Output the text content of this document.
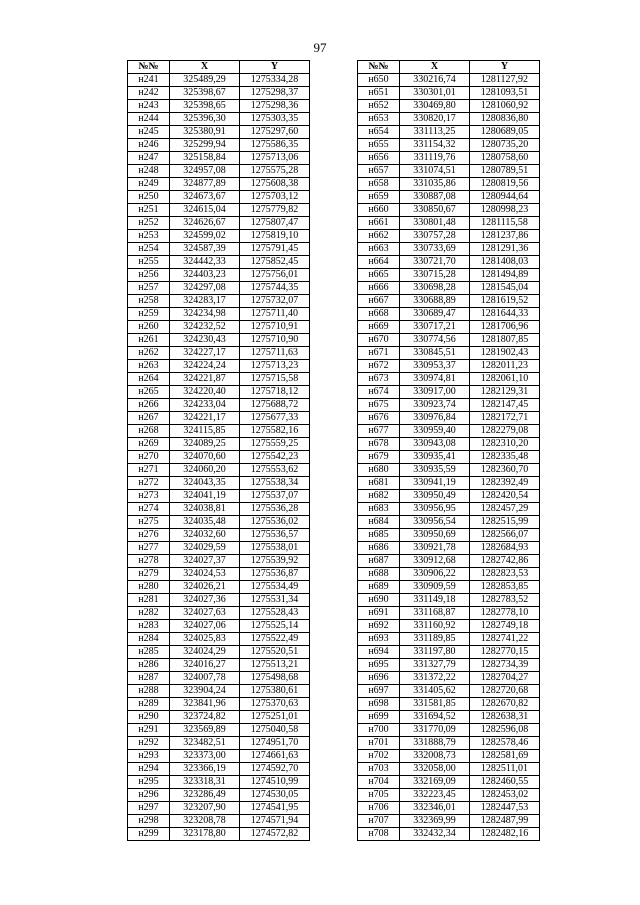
97
№№	X	Y
н241	325489,29	1275334,28
н242	325398,67	1275298,37
н243	325398,65	1275298,36
н244	325396,30	1275303,35
н245	325380,91	1275297,60
н246	325299,94	1275586,35
н247	325158,84	1275713,06
н248	324957,08	1275575,28
н249	324877,89	1275608,38
н250	324673,67	1275703,12
н251	324615,04	1275779,82
н252	324626,67	1275807,47
н253	324599,02	1275819,10
н254	324587,39	1275791,45
н255	324442,33	1275852,45
н256	324403,23	1275756,01
н257	324297,08	1275744,35
н258	324283,17	1275732,07
н259	324234,98	1275711,40
н260	324232,52	1275710,91
н261	324230,43	1275710,90
н262	324227,17	1275711,63
н263	324224,24	1275713,23
н264	324221,87	1275715,58
н265	324220,40	1275718,12
н266	324233,04	1275688,72
н267	324221,17	1275677,33
н268	324115,85	1275582,16
н269	324089,25	1275559,25
н270	324070,60	1275542,23
н271	324060,20	1275553,62
н272	324043,35	1275538,34
н273	324041,19	1275537,07
н274	324038,81	1275536,28
н275	324035,48	1275536,02
н276	324032,60	1275536,57
н277	324029,59	1275538,01
н278	324027,37	1275539,92
н279	324024,53	1275536,87
н280	324026,21	1275534,49
н281	324027,36	1275531,34
н282	324027,63	1275528,43
н283	324027,06	1275525,14
н284	324025,83	1275522,49
н285	324024,29	1275520,51
н286	324016,27	1275513,21
н287	324007,78	1275498,68
н288	323904,24	1275380,61
н289	323841,96	1275370,63
н290	323724,82	1275251,01
н291	323569,89	1275040,58
н292	323482,51	1274951,70
н293	323373,00	1274661,63
н294	323366,19	1274592,70
н295	323318,31	1274510,99
н296	323286,49	1274530,05
н297	323207,90	1274541,95
н298	323208,78	1274571,94
н299	323178,80	1274572,82
№№	X	Y
н650	330216,74	1281127,92
н651	330301,01	1281093,51
н652	330469,80	1281060,92
н653	330820,17	1280836,80
н654	331113,25	1280689,05
н655	331154,32	1280735,20
н656	331119,76	1280758,60
н657	331074,51	1280789,51
н658	331035,86	1280819,56
н659	330887,08	1280944,64
н660	330850,67	1280998,23
н661	330801,48	1281115,58
н662	330757,28	1281237,86
н663	330733,69	1281291,36
н664	330721,70	1281408,03
н665	330715,28	1281494,89
н666	330698,28	1281545,04
н667	330688,89	1281619,52
н668	330689,47	1281644,33
н669	330717,21	1281706,96
н670	330774,56	1281807,85
н671	330845,51	1281902,43
н672	330953,37	1282011,23
н673	330974,81	1282061,10
н674	330917,00	1282129,31
н675	330923,74	1282147,45
н676	330976,84	1282172,71
н677	330959,40	1282279,08
н678	330943,08	1282310,20
н679	330935,41	1282335,48
н680	330935,59	1282360,70
н681	330941,19	1282392,49
н682	330950,49	1282420,54
н683	330956,95	1282457,29
н684	330956,54	1282515,99
н685	330950,69	1282566,07
н686	330921,78	1282684,93
н687	330912,68	1282742,86
н688	330906,22	1282823,53
н689	330909,59	1282853,85
н690	331149,18	1282783,52
н691	331168,87	1282778,10
н692	331160,92	1282749,18
н693	331189,85	1282741,22
н694	331197,80	1282770,15
н695	331327,79	1282734,39
н696	331372,22	1282704,27
н697	331405,62	1282720,68
н698	331581,85	1282670,82
н699	331694,52	1282638,31
н700	331770,09	1282596,08
н701	331888,79	1282578,46
н702	332008,73	1282581,69
н703	332058,00	1282511,01
н704	332169,09	1282460,55
н705	332223,45	1282453,02
н706	332346,01	1282447,53
н707	332369,99	1282487,99
н708	332432,34	1282482,16
